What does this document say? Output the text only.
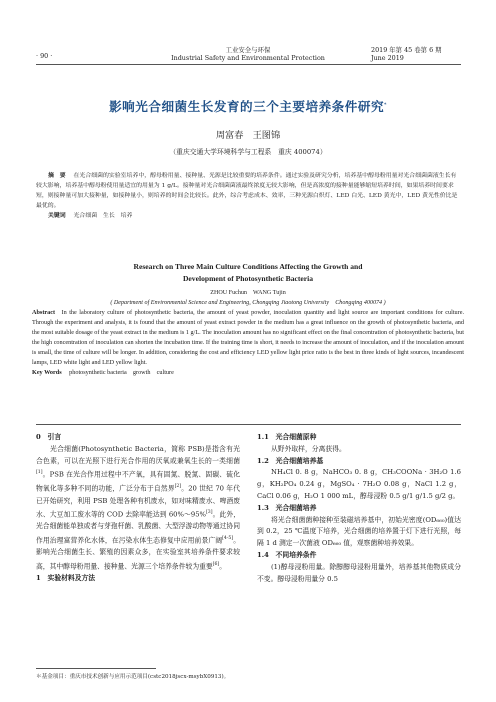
· 90 ·
工业安全与环保
Industrial Safety and Environmental Protection
2019 年第 45 卷第 6 期
June 2019
影响光合细菌生长发育的三个主要培养条件研究*
周富春　王图锦
（重庆交通大学环境科学与工程系　重庆 400074）
摘　要 在光合细菌的实验室培养中，醇母粉用量、接种量、光源是比较重要的培养条件。通过实验及研究分析，培养基中醇母粉用量对光合细菌菌液生长有较大影响，培养基中醇母粉使用量适宜的用量为 1 g/L。接种量对光合细菌菌液最终浓度无较大影响，但是高浓度的接种量能够缩短培养时间，如果培养时间要求短，则接种量可加大接种量，如接种量小，则培养的时间会比较长。此外，综合考虑成本、效率，三种光源白炽灯、LED 白光、LED 黄光中，LED 黄光性价比是最优的。
关键词 光合细菌　生长　培养
Research on Three Main Culture Conditions Affecting the Growth and
Development of Photosynthetic Bacteria
ZHOU Fuchun　WANG Tujin
( Department of Environmental Science and Engineering, Chongqing Jiaotong University　Chongqing 400074 )
Abstract In the laboratory culture of photosynthetic bacteria, the amount of yeast powder, inoculation quantity and light source are important conditions for culture. Through the experiment and analysis, it is found that the amount of yeast extract powder in the medium has a great influence on the growth of photosynthetic bacteria, and the most suitable dosage of the yeast extract in the medium is 1 g/L. The inoculation amount has no significant effect on the final concentration of photosynthetic bacteria, but the high concentration of inoculation can shorten the incubation time. If the training time is short, it needs to increase the amount of inoculation, and if the inoculation amount is small, the time of culture will be longer. In addition, considering the cost and efficiency LED yellow light price ratio is the best in three kinds of light sources, incandescent lamps, LED white light and LED yellow light.
Key Words photosynthetic bacteria　growth　culture
0　引言

光合细菌(Photosynthetic Bacteria，简称 PSB)是指含有光合色素，可以在光照下进行光合作用的厌氧或兼氧生长的一类细菌[1]。PSB 在光合作用过程中不产氧，具有固氮、脱氮、固碳、硫化物氧化等多种不同的功能，广泛分布于自然界[2]。20 世纪 70 年代已开始研究，利用 PSB 处理各种有机废水，如对味精废水、啤酒废水、大豆加工废水等的 COD 去除率能达到 60%～95%[3]。此外，光合细菌能单独或者与芽孢杆菌、乳酸菌、大型浮游动物等通过协同作用治理富营养化水体，在污染水体生态修复中应用前景广阔[4-5]。影响光合细菌生长、繁殖的因素众多，在实验室其培养条件要求较高，其中醇母粉用量、接种量、光源三个培养条件较为重要[6]。

1　实验材料及方法
1.1　光合细菌原种

从野外取样，分离获得。

1.2　光合细菌培养基

NH₄Cl 0. 8 g，NaHCO₃ 0. 8 g，CH₃COONa · 3H₂O 1.6 g，KH₂PO₄ 0.24 g，MgSO₄ · 7H₂O 0.08 g，NaCl 1.2 g，CaCl 0.06 g，H₂O 1 000 mL，醇母浸粉 0.5 g/1 g/1.5 g/2 g。

1.3　光合细菌培养

将光合细菌菌种接种至装磁培养基中，初始光密度(OD₆₆₀)值达到 0.2，25 ℃温度下培养，光合细菌的培养置于灯下进行光照，每隔 1 d 测定一次菌液 OD₆₆₀ 值，观察菌种培养效果。

1.4　不同培养条件

(1)醇母浸粉用量。除醇醇母浸粉用量外，培养基其他物质成分不变。醇母浸粉用量分 0.5

＊基金项目：重庆市技术创新与应用示范项目(cstc2018jscx-msybX0913)。
